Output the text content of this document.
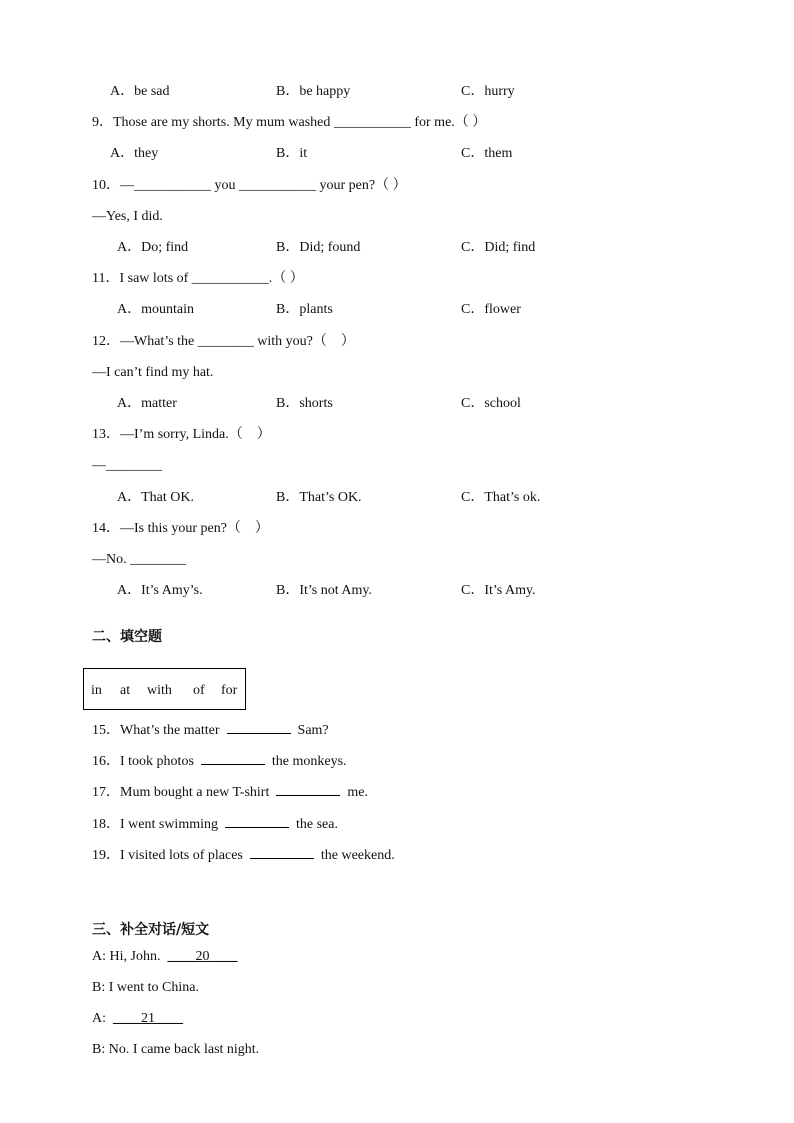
A．be sad	B．be happy	C．hurry
9．Those are my shorts. My mum washed ___________ for me.（ ）
A．they	B．it	C．them
10．—___________ you ___________ your pen?（ ）
—Yes, I did.
A．Do; find	B．Did; found	C．Did; find
11．I saw lots of ___________.（ ）
A．mountain	B．plants	C．flower
12．—What’s the ________ with you?（　）
—I can’t find my hat.
A．matter	B．shorts	C．school
13．—I’m sorry, Linda.（　）
—________
A．That OK.	B．That’s OK.	C．That’s ok.
14．—Is this your pen?（　）
—No. ________
A．It’s Amy’s.	B．It’s not Amy.	C．It’s Amy.
二、填空题
in at with of for
15．What’s the matter	Sam?
16．I took photos	the monkeys.
17．Mum bought a new T-shirt	me.
18．I went swimming	the sea.
19．I visited lots of places	the weekend.
三、补全对话/短文
A: Hi, John. ____20____
B: I went to China.
A: ____21____
B: No. I came back last night.
